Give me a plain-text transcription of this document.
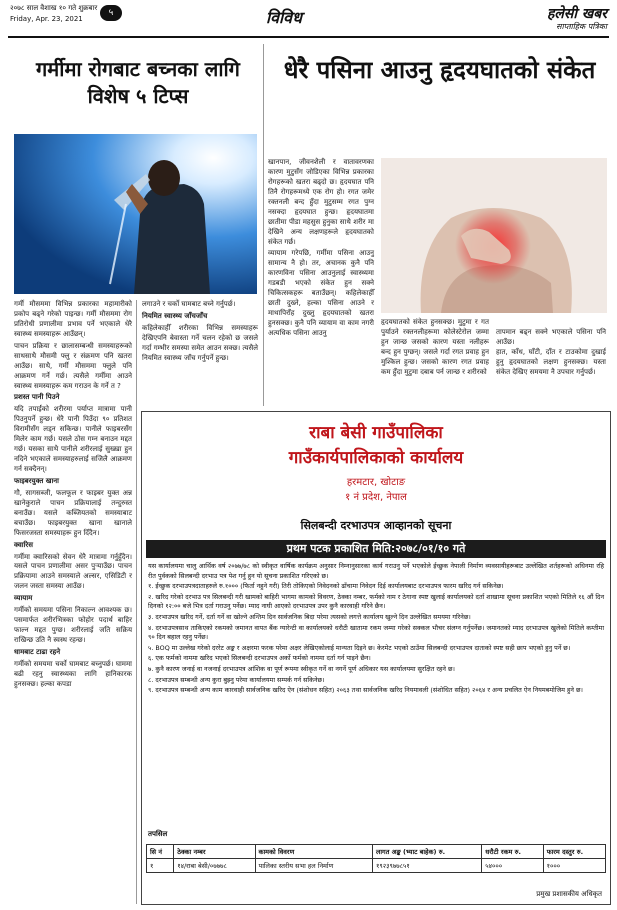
२०७८ साल वैशाख १० गते शुक्रबार
Friday, Apr. 23, 2021
५	विविध	हलेसी खबर
साप्ताहिक पत्रिका
गर्मीमा रोगबाट बच्नका लागि विशेष ५ टिप्स

गर्मी मौसममा विभिन्न प्रकारका महामारीको प्रकोप बढ्ने गरेको पाइन्छ। गर्मी मौसममा रोग प्रतिरोधी प्रणालीमा प्रभाव पर्ने भएकाले धेरै स्वास्थ्य समस्याहरू आउँछन्।

पाचन प्रक्रिया र छालासम्बन्धी समस्याहरूको साथसाथै मौसमी फ्लु र संक्रमण पनि खतरा आउँछ। साथै, गर्मी मौसममा फ्लुले पनि आक्रमण गर्ने गर्छ। त्यसैले गर्मीमा आउने स्वास्थ्य समस्याहरू कम गराउन के गर्ने त ?

प्रशस्त पानी पिउने

यदि तपाईंको शरीरमा पर्याप्त मात्रामा पानी पिउनुपर्ने हुन्छ। धेरै पानी पिउँदा ९० प्रतिशत विरामीसँग लड्न सकिन्छ। पानीले फाइबरसँग मिलेर काम गर्छ। यसले ठोस गम्न बनाउन मद्दत गर्छ। यसका साथै पानीले शरीरलाई सुख्खा हुन नदिने भएकाले समस्याहरुलाई सजिलै आक्रमण गर्न सक्दैनन्।

फाइबरयुक्त खाना

गौ, सागसब्जी, फलफूल र फाइबर युक्त अन्न खानेकुराले पाचन प्रक्रियालाई तन्दुरुस्त बनाउँछ। यसले कब्जियतको समस्याबाट बचाउँछ। फाइबरयुक्त खाना खानाले फिसरजस्ता समस्याहरू हुन दिँदैन।

क्वारिस

गर्मीमा क्वारिसको सेवन धेरै मात्रामा गर्नुहुँदैन। यसले पाचन प्रणालीमा असर पुर्‍याउँछ। पाचन प्रक्रियामा आउने समस्याले अल्सर, एसिडिटी र जलन जस्ता समस्या आउँछ।

व्यायाम

गर्मीको समयमा पसिना निकाल्न आवश्यक छ। पसमार्फत शरीरभित्रका फोहोर पदार्थ बाहिर फाल्न मद्दत पुग्छ। शरीरलाई जति सक्रिय राखिन्छ उति नै स्वस्थ रहन्छ।

धामबाट टाढा रहने

गर्मीको समयमा चर्को घामबाट बच्नुपर्छ। घाममा बढी रहनु स्वास्थ्यका लागि हानिकारक हुनसक्छ। हल्का कपडा

लगाउने र चर्को घामबाट बच्ने गर्नुपर्छ।

नियमित स्वास्थ्य जाँचजाँच

कहिलेकाहीँ शरीरका विभिन्न समस्याहरू देखिएपनि बेवास्ता गर्ने चलन रहेको छ जसले गर्दा गम्भीर समस्या समेत आउन सक्छ। त्यसैले नियमित स्वास्थ्य जाँच गर्नुपर्ने हुन्छ।

धेरै पसिना आउनु हृदयघातको संकेत

खानपान, जीवनशैली र वातावरणका कारण मुटुसँग जोडिएका विभिन्न प्रकारका रोगहरूको खतरा बढ्दो छ। हृदयघात पनि तिनै रोगहरूमध्ये एक रोग हो। रगत जमेर रक्तनली बन्द हुँदा मुटुसम्म रगत पुग्न नसक्दा हृदयघात हुन्छ। हृदयघातमा छातीमा पीडा महसुस हुनुका साथै शरीर मा देखिने अन्य लक्षणहरूले हृदयघातको संकेत गर्छ।

व्यायाम गरेपछि, गर्मीमा पसिना आउनु सामान्य नै हो। तर, अचानक कुनै पनि कारणविना पसिना आउनुलाई स्वास्थ्यमा गडबडी भएको संकेत हुन सक्ने चिकित्सकहरू बताउँछन्। कहिलेकाहीँ छाती दुख्ने, हल्का पसिना आउने र माथापिराँह दुख्नु हृदयघातको खतरा हुनसक्छ। कुनै पनि व्यायाम वा काम नगरी अत्यधिक पसिना आउनु

हृदयघातको संकेत हुनसक्छ। मुटुमा र गत पुर्याउने रक्तनलीहरूमा कोलेस्टेरोल जम्मा हुन जान्छ जसको कारण यस्ता नलीहरू बन्द हुन पुग्छन्। जसले गर्दा रगत प्रवाह हुन मुश्किल हुन्छ। जसको कारण रगत प्रवाह कम हुँदा मुटुमा दबाब पर्न जान्छ र शरीरको

तापमान बढ्न सक्ने भएकाले पसिना पनि आउँछ।
हात, काँध, घाँटी, दाँत र टाउकोमा दुखाई हुनु हृदयघातको लक्षण हुनसक्छ। यस्ता संकेत देखिए समयमा नै उपचार गर्नुपर्छ।

राबा बेसी गाउँपालिका
गाउँकार्यपालिकाको कार्यालय
हरमटार, खोटाङ
१ नं प्रदेश, नेपाल
सिलबन्दी दरभाउपत्र आव्हानको सूचना
प्रथम पटक प्रकाशित मिति:२०७८/०१/१० गते

यस कार्यालयमा चालु आर्थिक वर्ष २०७७/७८ को स्वीकृत वार्षिक कार्यक्रम अनुसार निम्नानुसारका कार्य गराउनु पर्ने भएकोले ईच्छुक नेपाली निर्माण व्यवसायीहरूबाट उल्लेखित शर्तहरूको अधिनमा रहि रीत पुर्वकको सिलबन्दी दरभाउ पत्र पेश गर्नु हुन यो सूचना प्रकाशित गरिएको छ।

१. ईच्छुक दरभाउपत्रदाताहरुले रु.१००० (फिर्ता नहुने गरी) तिरी तोकिएको निवेदनको ढाँचामा निवेदन दिई कार्यालयबाट दरभाउपत्र फारम खरिद गर्न सकिनेछ।

२. खरिद गरेको दरभाउ पत्र सिलबन्दी गरी खामको बाहिरी भागमा कामको विवरण, ठेक्का नम्बर, फर्मको नाम र ठेगाना स्पष्ट खुलाई कार्यालयको दर्ता शाखामा सूचना प्रकाशित भएको मितिले १६ औं दिन दिनको १२:०० बजे भित्र दर्ता गराउनु पर्नेछ। म्याद नाघी आएको दरभाउपत्र उपर कुनै कारवाही गरिने छैन।

३. दरभाउपत्र खरिद गर्ने, दर्ता गर्ने वा खोल्ने अन्तिम दिन सार्वजनिक बिदा परेमा त्यसको लगत्ते कार्यालय खुल्ने दिन उल्लेखित समयमा गरिनेछ।

४. दरभाउपत्रसाथ ताकिएको रकमको जमानत वापत बैंक ग्यारेन्टी वा कार्यालयको धरौटी खातामा रकम जम्मा गरेको सक्कल भौचर संलग्न गर्नुपर्नेछ। जमानतको म्याद दरभाउपत्र खुलेको मितिले कम्तीमा ९० दिन बहाल रहनु पर्नेछ।

५. BOQ मा उल्लेख गरेको दररेट अङ्क र अक्षरमा फरक परेमा अक्षर लेखिएकोलाई मान्यता दिइने छ। केरमेट भएको ठाउँमा सिलबन्दी दरभाउपत्र दाताको स्पष्ट सही छाप भएको हुनु पर्ने छ।

६. एक फर्मको नाममा खरिद भएको सिलबन्दी दरभाउपत्र अर्को फर्मको नाममा दर्ता गर्न पाइने छैन।

७. कुनै कारण जनाई वा नजनाई दरभाउपत्र आंशिक वा पूर्ण रूपमा स्वीकृत गर्ने वा नगर्ने पूर्ण अधिकार यस कार्यालयमा सुरक्षित रहने छ।

८. दरभाउपत्र सम्बन्धी अन्य कुरा बुझ्नु परेमा कार्यालयमा सम्पर्क गर्न सकिनेछ।

९. दरभाउपत्र सम्बन्धी अन्य काम कारवाही सार्वजनिक खरिद ऐन (संशोधन सहित) २०६३ तथा सार्वजनिक खरिद नियमावली (संशोधित सहित) २०६४ र अन्य प्रचलित ऐन नियमबमोजिम हुने छ।

तपसिल
सि नं	ठेक्का नम्बर	कामको विवरण	लागत अङ्क (भ्याट बाहेक) रु.	धरौटी रकम रु.	फारम दस्तुर रु.
१	१४/राबा बेसी/०७७७८	पालिका स्तरीय सभा हल निर्माण	१९२३९७७८५१	५४०००	१०००
प्रमुख प्रशासकीय अधिकृत
